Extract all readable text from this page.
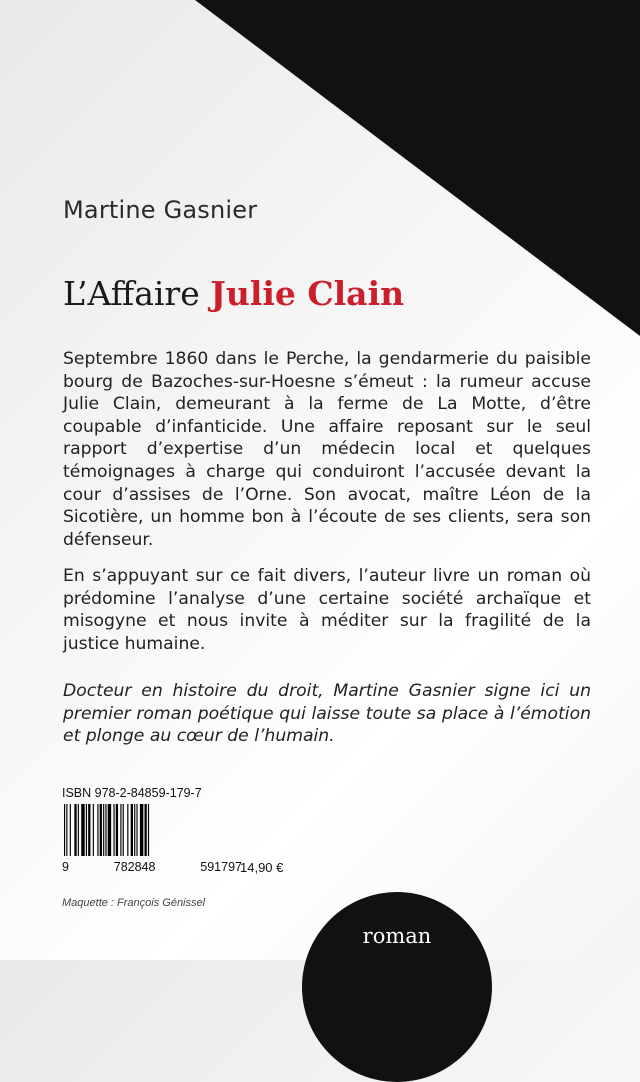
Martine Gasnier
L’Affaire Julie Clain
Septembre 1860 dans le Perche, la gendarmerie du paisible bourg de Bazoches-sur-Hoesne s’émeut : la rumeur accuse Julie Clain, demeurant à la ferme de La Motte, d’être coupable d’infanticide. Une affaire reposant sur le seul rapport d’expertise d’un médecin local et quelques témoignages à charge qui conduiront l’accusée devant la cour d’assises de l’Orne. Son avocat, maître Léon de la Sicotière, un homme bon à l’écoute de ses clients, sera son défenseur.
En s’appuyant sur ce fait divers, l’auteur livre un roman où prédomine l’analyse d’une certaine société archaïque et misogyne et nous invite à méditer sur la fragilité de la justice humaine.
Docteur en histoire du droit, Martine Gasnier signe ici un premier roman poétique qui laisse toute sa place à l’émotion et plonge au cœur de l’humain.
ISBN 978-2-84859-179-7
9	782848	591797
14,90 €
Maquette : François Génissel
roman
